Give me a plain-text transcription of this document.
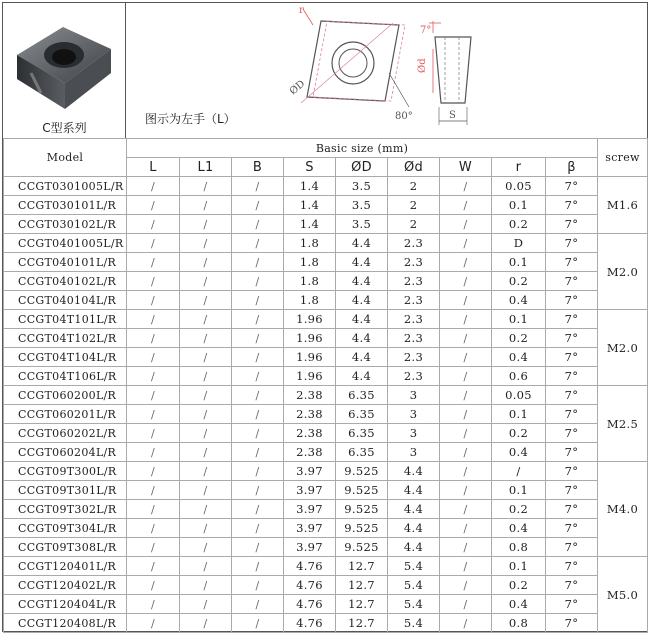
C型系列
图示为左手（L）
r
ØD
80°
7°
Ød
S
Model	Basic size (mm)									screw
	L	L1	B	S	ØD	Ød	W	r	β	
CCGT0301005L/R	/	/	/	1.4	3.5	2	/	0.05	7°	M1.6
CCGT030101L/R	/	/	/	1.4	3.5	2	/	0.1	7°	
CCGT030102L/R	/	/	/	1.4	3.5	2	/	0.2	7°	
CCGT0401005L/R	/	/	/	1.8	4.4	2.3	/	D	7°	M2.0
CCGT040101L/R	/	/	/	1.8	4.4	2.3	/	0.1	7°	
CCGT040102L/R	/	/	/	1.8	4.4	2.3	/	0.2	7°	
CCGT040104L/R	/	/	/	1.8	4.4	2.3	/	0.4	7°	
CCGT04T101L/R	/	/	/	1.96	4.4	2.3	/	0.1	7°	M2.0
CCGT04T102L/R	/	/	/	1.96	4.4	2.3	/	0.2	7°	
CCGT04T104L/R	/	/	/	1.96	4.4	2.3	/	0.4	7°	
CCGT04T106L/R	/	/	/	1.96	4.4	2.3	/	0.6	7°	
CCGT060200L/R	/	/	/	2.38	6.35	3	/	0.05	7°	M2.5
CCGT060201L/R	/	/	/	2.38	6.35	3	/	0.1	7°	
CCGT060202L/R	/	/	/	2.38	6.35	3	/	0.2	7°	
CCGT060204L/R	/	/	/	2.38	6.35	3	/	0.4	7°	
CCGT09T300L/R	/	/	/	3.97	9.525	4.4	/	/	7°	M4.0
CCGT09T301L/R	/	/	/	3.97	9.525	4.4	/	0.1	7°	
CCGT09T302L/R	/	/	/	3.97	9.525	4.4	/	0.2	7°	
CCGT09T304L/R	/	/	/	3.97	9.525	4.4	/	0.4	7°	
CCGT09T308L/R	/	/	/	3.97	9.525	4.4	/	0.8	7°	
CCGT120401L/R	/	/	/	4.76	12.7	5.4	/	0.1	7°	M5.0
CCGT120402L/R	/	/	/	4.76	12.7	5.4	/	0.2	7°	
CCGT120404L/R	/	/	/	4.76	12.7	5.4	/	0.4	7°	
CCGT120408L/R	/	/	/	4.76	12.7	5.4	/	0.8	7°	
